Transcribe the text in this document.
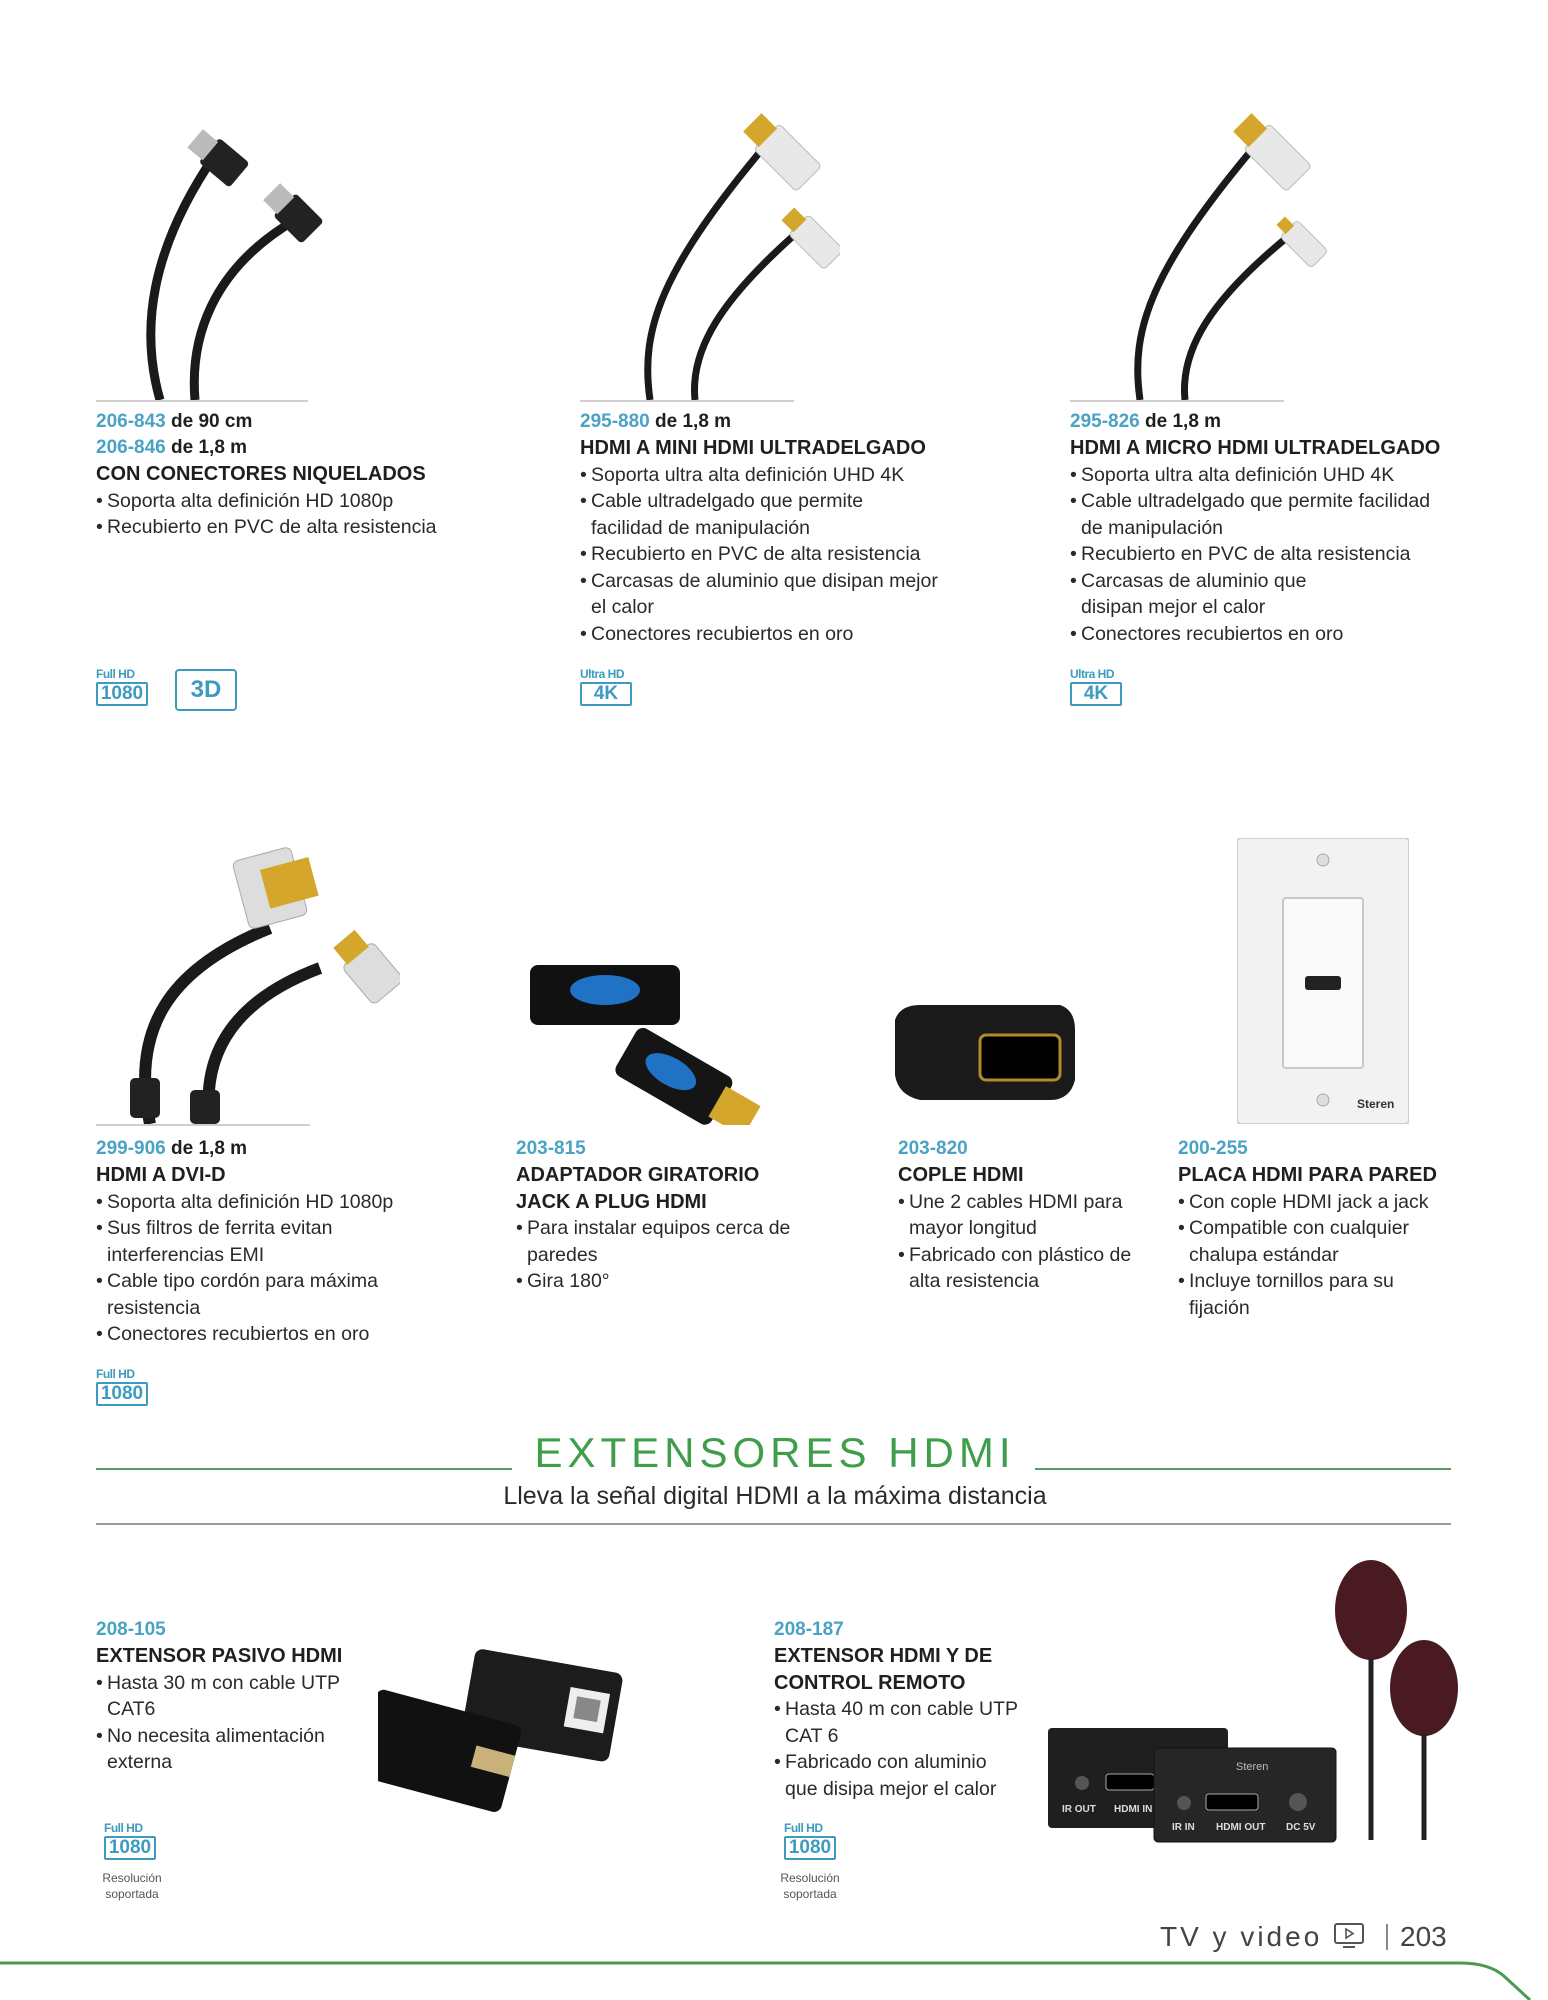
206-843 de 90 cm
206-846 de 1,8 m
CON CONECTORES NIQUELADOS
• Soporta alta definición HD 1080p
• Recubierto en PVC de alta resistencia
295-880 de 1,8 m
HDMI A MINI HDMI ULTRADELGADO
• Soporta ultra alta definición UHD 4K
• Cable ultradelgado que permite facilidad de manipulación
• Recubierto en PVC de alta resistencia
• Carcasas de aluminio que disipan mejor el calor
• Conectores recubiertos en oro
295-826 de 1,8 m
HDMI A MICRO HDMI ULTRADELGADO
• Soporta ultra alta definición UHD 4K
• Cable ultradelgado que permite facilidad de manipulación
• Recubierto en PVC de alta resistencia
• Carcasas de aluminio que disipan mejor el calor
• Conectores recubiertos en oro
Full HD
1080	3D
Ultra HD
4K
Ultra HD
4K
Steren
299-906 de 1,8 m
HDMI A DVI-D
• Soporta alta definición HD 1080p
• Sus filtros de ferrita evitan interferencias EMI
• Cable tipo cordón para máxima resistencia
• Conectores recubiertos en oro
203-815
ADAPTADOR GIRATORIO JACK A PLUG HDMI
• Para instalar equipos cerca de paredes
• Gira 180°
203-820
COPLE HDMI
• Une 2 cables HDMI para mayor longitud
• Fabricado con plástico de alta resistencia
200-255
PLACA HDMI PARA PARED
• Con cople HDMI jack a jack
• Compatible con cualquier chalupa estándar
• Incluye tornillos para su fijación
Full HD
1080
EXTENSORES HDMI
Lleva la señal digital HDMI a la máxima distancia
208-105
EXTENSOR PASIVO HDMI
• Hasta 30 m con cable UTP CAT6
• No necesita alimentación externa
208-187
EXTENSOR HDMI Y DE CONTROL REMOTO
• Hasta 40 m con cable UTP CAT 6
• Fabricado con aluminio que disipa mejor el calor
IR OUT HDMI IN
Steren
IR IN HDMI OUT DC 5V
Full HD
1080
Resolución soportada
Full HD
1080
Resolución soportada
TV y video	203
